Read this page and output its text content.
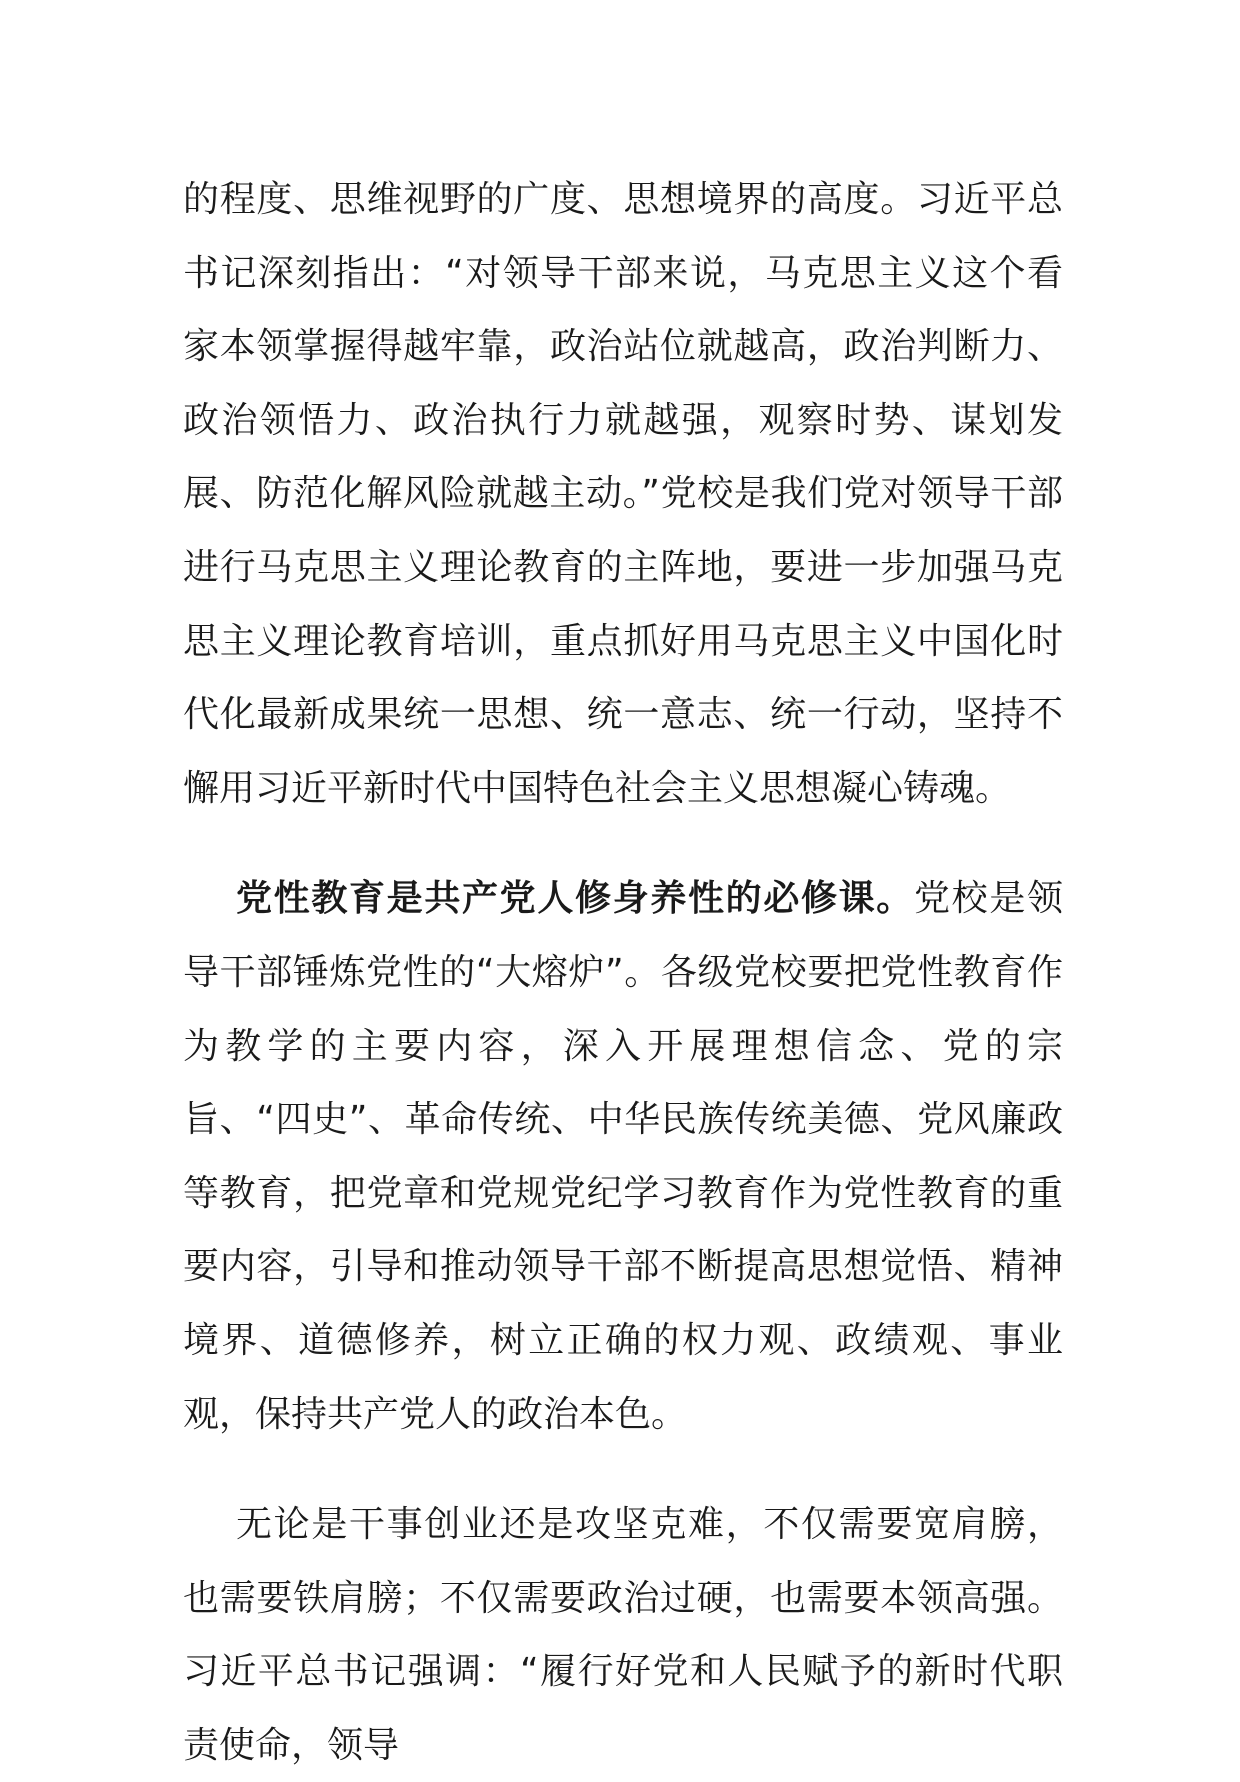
的程度、思维视野的广度、思想境界的高度。习近平总书记深刻指出：“对领导干部来说，马克思主义这个看家本领掌握得越牢靠，政治站位就越高，政治判断力、政治领悟力、政治执行力就越强，观察时势、谋划发展、防范化解风险就越主动。”党校是我们党对领导干部进行马克思主义理论教育的主阵地，要进一步加强马克思主义理论教育培训，重点抓好用马克思主义中国化时代化最新成果统一思想、统一意志、统一行动，坚持不懈用习近平新时代中国特色社会主义思想凝心铸魂。

党性教育是共产党人修身养性的必修课。党校是领导干部锤炼党性的“大熔炉”。各级党校要把党性教育作为教学的主要内容，深入开展理想信念、党的宗旨、“四史”、革命传统、中华民族传统美德、党风廉政等教育，把党章和党规党纪学习教育作为党性教育的重要内容，引导和推动领导干部不断提高思想觉悟、精神境界、道德修养，树立正确的权力观、政绩观、事业观，保持共产党人的政治本色。

无论是干事创业还是攻坚克难，不仅需要宽肩膀，也需要铁肩膀；不仅需要政治过硬，也需要本领高强。习近平总书记强调：“履行好党和人民赋予的新时代职责使命，领导
